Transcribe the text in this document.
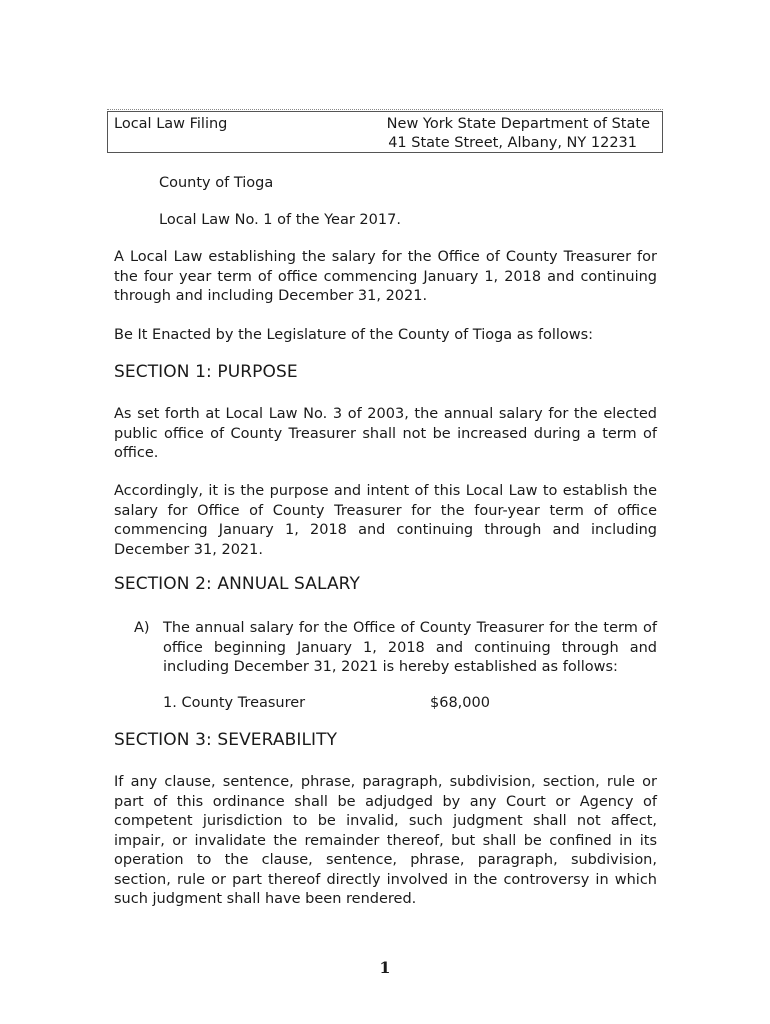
Local Law Filing	New York State Department of State
41 State Street, Albany, NY 12231
County of Tioga
Local Law No. 1 of the Year 2017.
A Local Law establishing the salary for the Office of County Treasurer for the four year term of office commencing January 1, 2018 and continuing through and including December 31, 2021.
Be It Enacted by the Legislature of the County of Tioga as follows:
SECTION 1: PURPOSE
As set forth at Local Law No. 3 of 2003, the annual salary for the elected public office of County Treasurer shall not be increased during a term of office.
Accordingly, it is the purpose and intent of this Local Law to establish the salary for Office of County Treasurer for the four-year term of office commencing January 1, 2018 and continuing through and including December 31, 2021.
SECTION 2: ANNUAL SALARY
A) The annual salary for the Office of County Treasurer for the term of office beginning January 1, 2018 and continuing through and including December 31, 2021 is hereby established as follows:
1. County Treasurer	$68,000
SECTION 3: SEVERABILITY
If any clause, sentence, phrase, paragraph, subdivision, section, rule or part of this ordinance shall be adjudged by any Court or Agency of competent jurisdiction to be invalid, such judgment shall not affect, impair, or invalidate the remainder thereof, but shall be confined in its operation to the clause, sentence, phrase, paragraph, subdivision, section, rule or part thereof directly involved in the controversy in which such judgment shall have been rendered.
1
